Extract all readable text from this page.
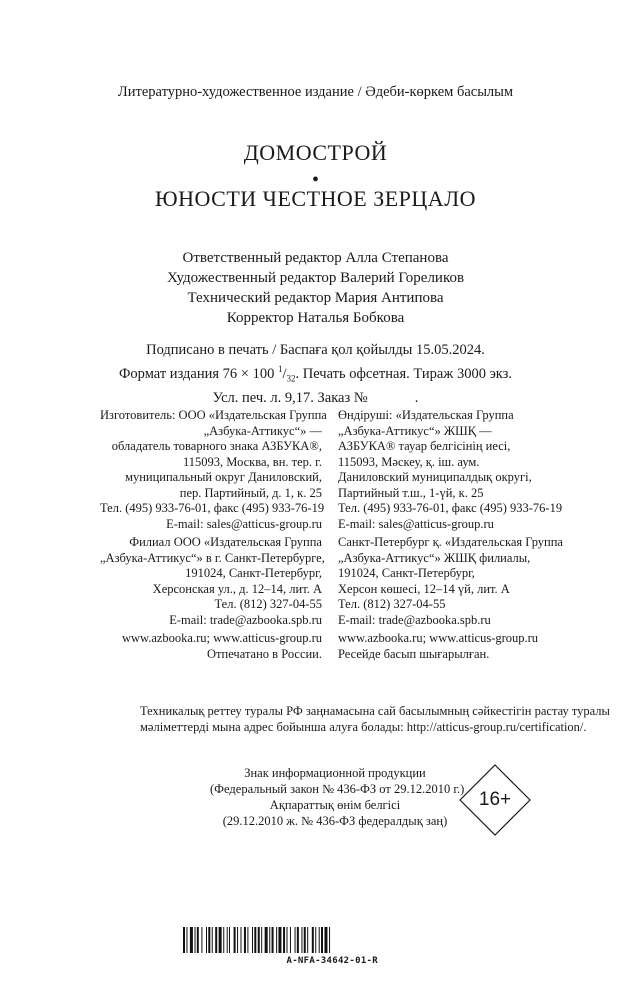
Литературно-художественное издание / Әдеби-көркем басылым
ДОМОСТРОЙ
•
ЮНОСТИ ЧЕСТНОЕ ЗЕРЦАЛО
Ответственный редактор Алла Степанова
Художественный редактор Валерий Гореликов
Технический редактор Мария Антипова
Корректор Наталья Бобкова
Подписано в печать / Баспаға қол қойылды 15.05.2024.
Формат издания 76 × 100 $^1/_{32}$. Печать офсетная. Тираж 3000 экз.
Усл. печ. л. 9,17. Заказ №             .
Изготовитель: ООО «Издательская Группа
„Азбука-Аттикус“» —
обладатель товарного знака АЗБУКА®,
115093, Москва, вн. тер. г.
муниципальный округ Даниловский,
пер. Партийный, д. 1, к. 25
Тел. (495) 933-76-01, факс (495) 933-76-19
E-mail: sales@atticus-group.ru
Өндіруші: «Издательская Группа
„Азбука-Аттикус“» ЖШҚ —
АЗБУКА® тауар белгісінің иесі,
115093, Мәскеу, қ. іш. аум.
Даниловский муниципалдық округі,
Партийный т.ш., 1-үй, к. 25
Тел. (495) 933-76-01, факс (495) 933-76-19
E-mail: sales@atticus-group.ru
Филиал ООО «Издательская Группа
„Азбука-Аттикус“» в г. Санкт-Петербурге,
191024, Санкт-Петербург,
Херсонская ул., д. 12–14, лит. А
Тел. (812) 327-04-55
E-mail: trade@azbooka.spb.ru
Санкт-Петербург қ. «Издательская Группа
„Азбука-Аттикус“» ЖШҚ филиалы,
191024, Санкт-Петербург,
Херсон көшесі, 12–14 үй, лит. А
Тел. (812) 327-04-55
E-mail: trade@azbooka.spb.ru
www.azbooka.ru; www.atticus-group.ru
Отпечатано в России.
www.azbooka.ru; www.atticus-group.ru
Ресейде басып шығарылған.
Техникалық реттеу туралы РФ заңнамасына сай басылымның сәйкестігін растау туралы
мәліметтерді мына адрес бойынша алуға болады: http://atticus-group.ru/certification/.
Знак информационной продукции
(Федеральный закон № 436-ФЗ от 29.12.2010 г.)
Ақпараттық өнім белгісі
(29.12.2010 ж. № 436-ФЗ федералдық заң)
16+
A-NFA-34642-01-R
